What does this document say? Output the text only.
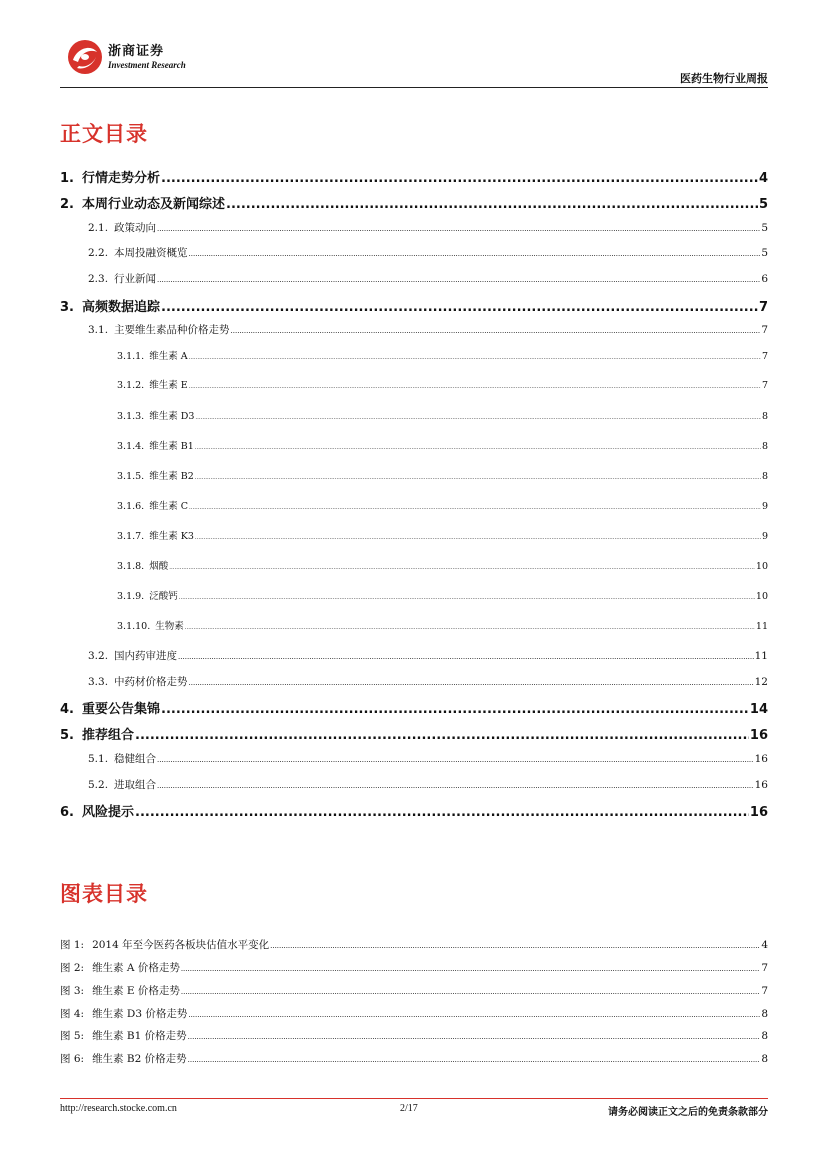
浙商证券
Investment Research
医药生物行业周报
正文目录
1. 行情走势分析 .....	4
2. 本周行业动态及新闻综述 .....	5
2.1. 政策动向 .....	5
2.2. 本周投融资概览 .....	5
2.3. 行业新闻 .....	6
3. 高频数据追踪 .....	7
3.1. 主要维生素品种价格走势 .....	7
3.1.1. 维生素 A .....	7
3.1.2. 维生素 E .....	7
3.1.3. 维生素 D3 .....	8
3.1.4. 维生素 B1 .....	8
3.1.5. 维生素 B2 .....	8
3.1.6. 维生素 C .....	9
3.1.7. 维生素 K3 .....	9
3.1.8. 烟酸 .....	10
3.1.9. 泛酸钙 .....	10
3.1.10. 生物素 .....	11
3.2. 国内药审进度 .....	11
3.3. 中药材价格走势 .....	12
4. 重要公告集锦 .....	14
5. 推荐组合 .....	16
5.1. 稳健组合 .....	16
5.2. 进取组合 .....	16
6. 风险提示 .....	16
图表目录
图 1: 2014 年至今医药各板块估值水平变化 .....	4
图 2: 维生素 A 价格走势 .....	7
图 3: 维生素 E 价格走势 .....	7
图 4: 维生素 D3 价格走势 .....	8
图 5: 维生素 B1 价格走势 .....	8
图 6: 维生素 B2 价格走势 .....	8
http://research.stocke.com.cn	2/17	请务必阅读正文之后的免责条款部分
